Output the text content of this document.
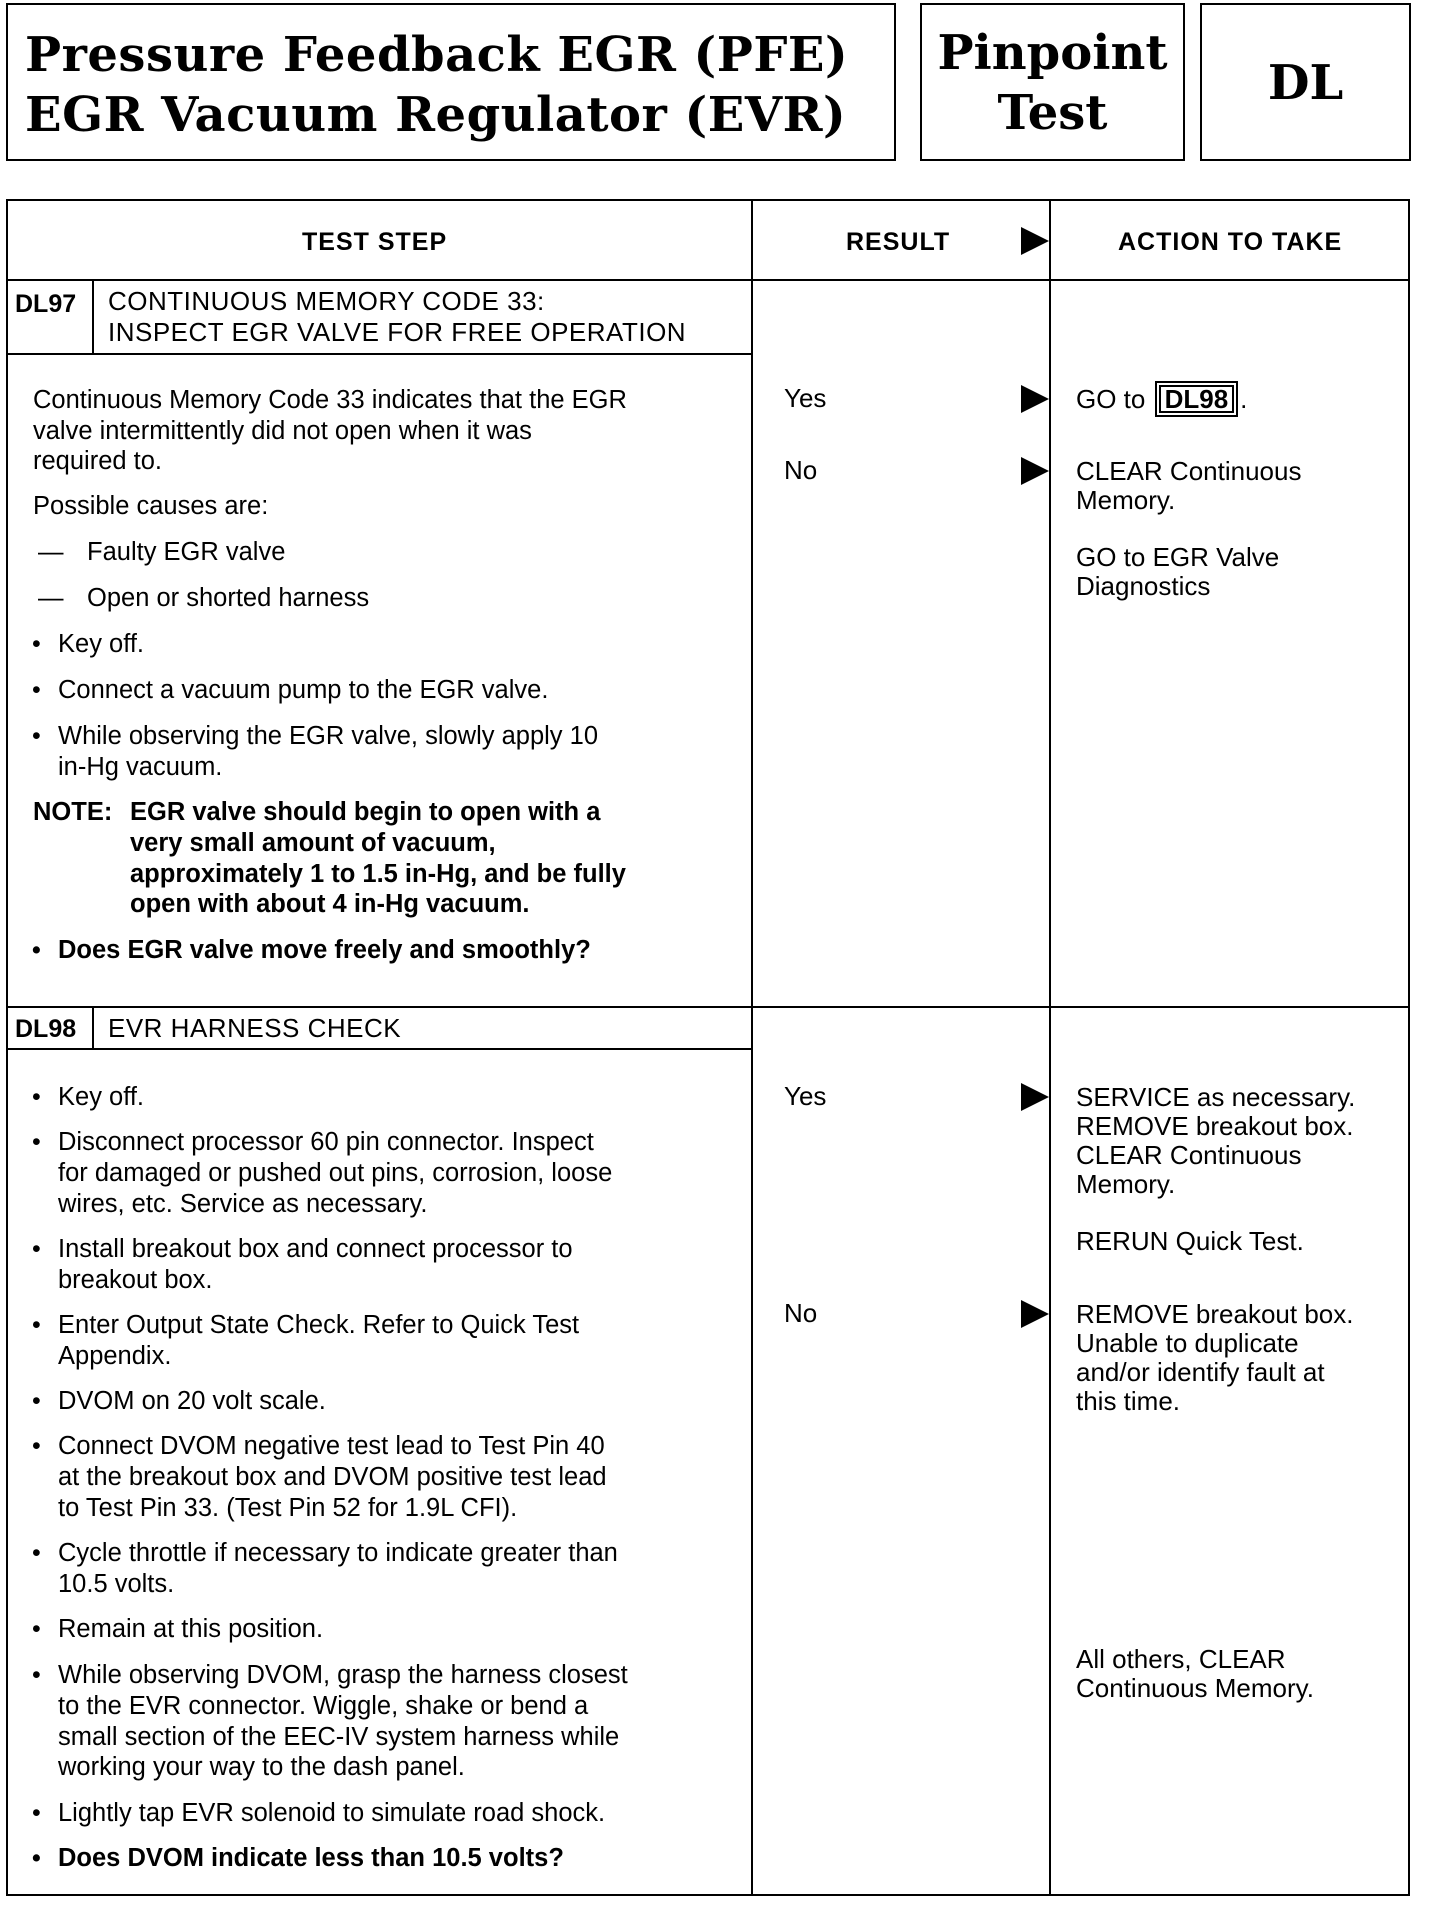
Pressure Feedback EGR (PFE)
EGR Vacuum Regulator (EVR)
Pinpoint
Test
DL
TEST STEP	RESULT	ACTION TO TAKE
DL97 CONTINUOUS MEMORY CODE 33:
INSPECT EGR VALVE FOR FREE OPERATION
Continuous Memory Code 33 indicates that the EGR
valve intermittently did not open when it was
required to.
Possible causes are:
— Faulty EGR valve
— Open or shorted harness
• Key off.
• Connect a vacuum pump to the EGR valve.
• While observing the EGR valve, slowly apply 10
in-Hg vacuum.
NOTE: EGR valve should begin to open with a
very small amount of vacuum,
approximately 1 to 1.5 in-Hg, and be fully
open with about 4 in-Hg vacuum.
• Does EGR valve move freely and smoothly?
Yes
No
GO to DL98 .
CLEAR Continuous
Memory.
GO to EGR Valve
Diagnostics
DL98 EVR HARNESS CHECK
• Key off.
• Disconnect processor 60 pin connector. Inspect
for damaged or pushed out pins, corrosion, loose
wires, etc. Service as necessary.
• Install breakout box and connect processor to
breakout box.
• Enter Output State Check. Refer to Quick Test
Appendix.
• DVOM on 20 volt scale.
• Connect DVOM negative test lead to Test Pin 40
at the breakout box and DVOM positive test lead
to Test Pin 33. (Test Pin 52 for 1.9L CFI).
• Cycle throttle if necessary to indicate greater than
10.5 volts.
• Remain at this position.
• While observing DVOM, grasp the harness closest
to the EVR connector. Wiggle, shake or bend a
small section of the EEC-IV system harness while
working your way to the dash panel.
• Lightly tap EVR solenoid to simulate road shock.
• Does DVOM indicate less than 10.5 volts?
Yes
No
SERVICE as necessary.
REMOVE breakout box.
CLEAR Continuous
Memory.
RERUN Quick Test.
REMOVE breakout box.
Unable to duplicate
and/or identify fault at
this time.
All others, CLEAR
Continuous Memory.
